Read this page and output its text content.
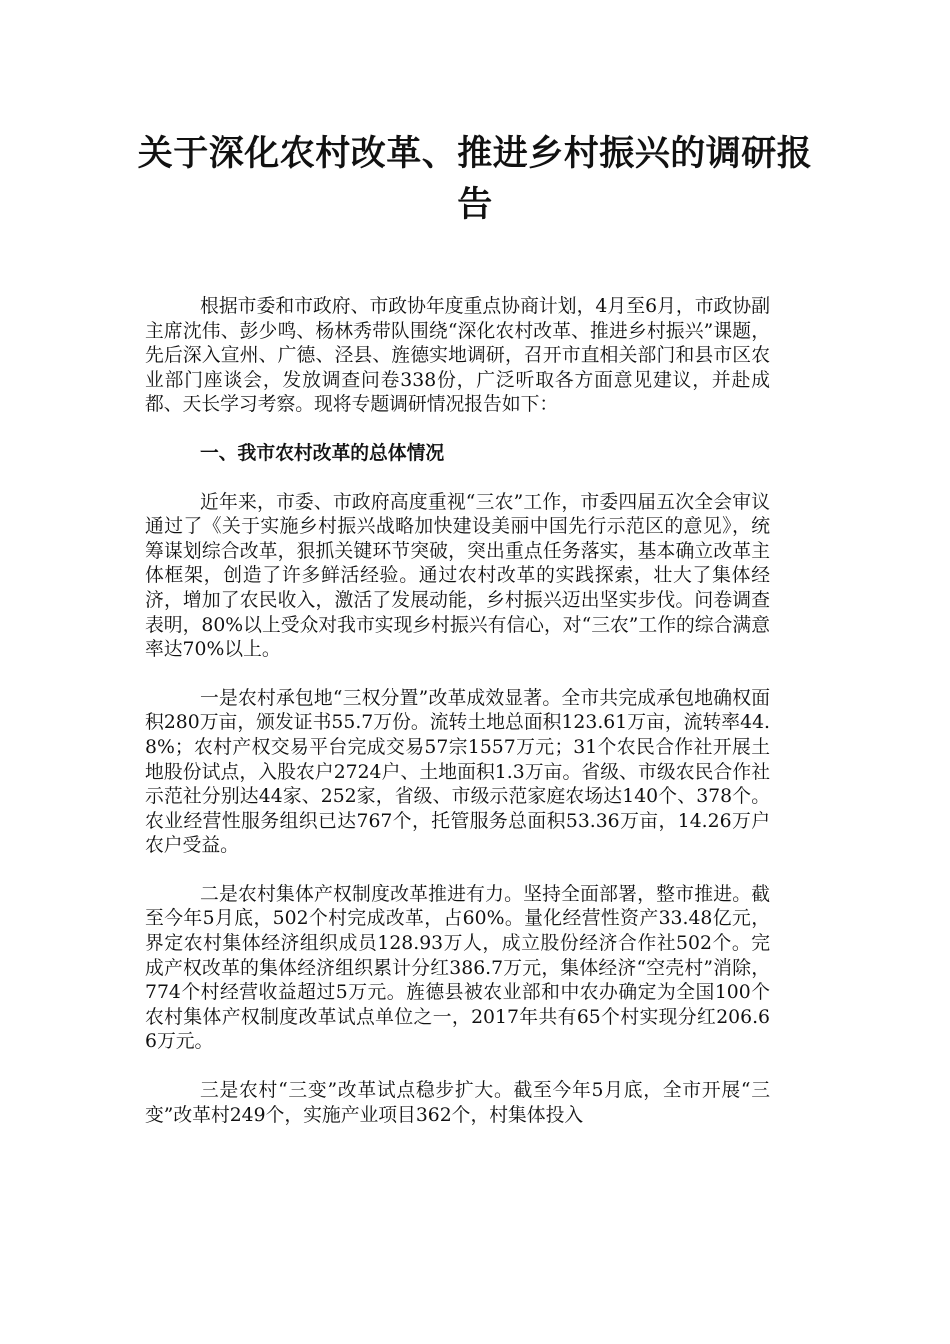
关于深化农村改革、推进乡村振兴的调研报告

根据市委和市政府、市政协年度重点协商计划，4月至6月，市政协副主席沈伟、彭少鸣、杨林秀带队围绕“深化农村改革、推进乡村振兴”课题，先后深入宣州、广德、泾县、旌德实地调研，召开市直相关部门和县市区农业部门座谈会，发放调查问卷338份，广泛听取各方面意见建议，并赴成都、天长学习考察。现将专题调研情况报告如下：

一、我市农村改革的总体情况

近年来，市委、市政府高度重视“三农”工作，市委四届五次全会审议通过了《关于实施乡村振兴战略加快建设美丽中国先行示范区的意见》，统筹谋划综合改革，狠抓关键环节突破，突出重点任务落实，基本确立改革主体框架，创造了许多鲜活经验。通过农村改革的实践探索，壮大了集体经济，增加了农民收入，激活了发展动能，乡村振兴迈出坚实步伐。问卷调查表明，80%以上受众对我市实现乡村振兴有信心，对“三农”工作的综合满意率达70%以上。

一是农村承包地“三权分置”改革成效显著。全市共完成承包地确权面积280万亩，颁发证书55.7万份。流转土地总面积123.61万亩，流转率44.8%；农村产权交易平台完成交易57宗1557万元；31个农民合作社开展土地股份试点，入股农户2724户、土地面积1.3万亩。省级、市级农民合作社示范社分别达44家、252家，省级、市级示范家庭农场达140个、378个。农业经营性服务组织已达767个，托管服务总面积53.36万亩，14.26万户农户受益。

二是农村集体产权制度改革推进有力。坚持全面部署，整市推进。截至今年5月底，502个村完成改革，占60%。量化经营性资产33.48亿元，界定农村集体经济组织成员128.93万人，成立股份经济合作社502个。完成产权改革的集体经济组织累计分红386.7万元，集体经济“空壳村”消除，774个村经营收益超过5万元。旌德县被农业部和中农办确定为全国100个农村集体产权制度改革试点单位之一，2017年共有65个村实现分红206.66万元。

三是农村“三变”改革试点稳步扩大。截至今年5月底，全市开展“三变”改革村249个，实施产业项目362个，村集体投入
